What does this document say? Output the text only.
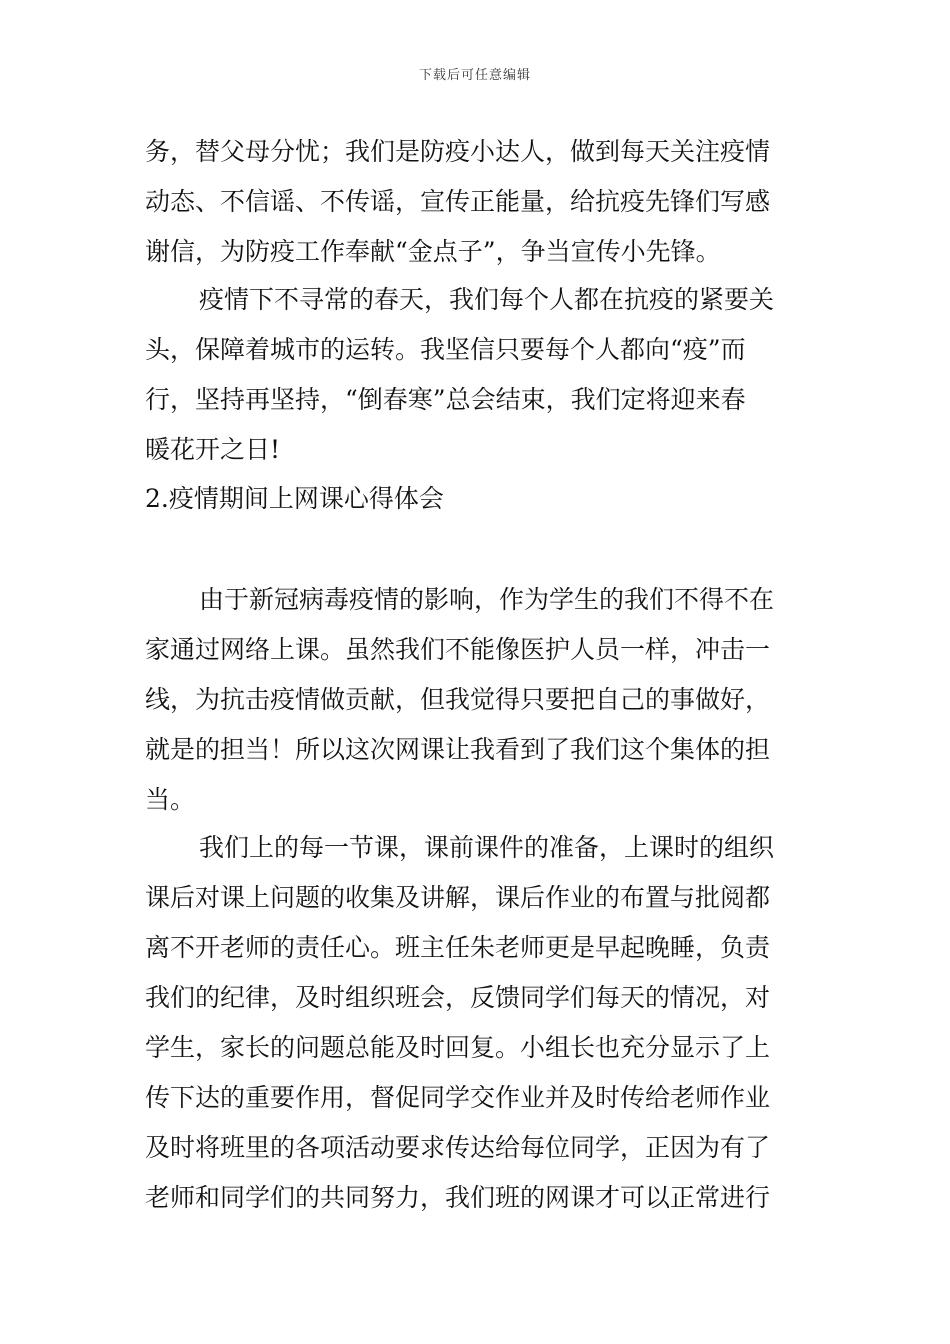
下载后可任意编辑
务，替父母分忧；我们是防疫小达人，做到每天关注疫情
动态、不信谣、不传谣，宣传正能量，给抗疫先锋们写感
谢信，为防疫工作奉献“金点子”，争当宣传小先锋。
疫情下不寻常的春天，我们每个人都在抗疫的紧要关
头，保障着城市的运转。我坚信只要每个人都向“疫”而
行，坚持再坚持，“倒春寒”总会结束，我们定将迎来春
暖花开之日!
2.疫情期间上网课心得体会
由于新冠病毒疫情的影响，作为学生的我们不得不在
家通过网络上课。虽然我们不能像医护人员一样，冲击一
线，为抗击疫情做贡献，但我觉得只要把自己的事做好，
就是的担当！所以这次网课让我看到了我们这个集体的担
当。
我们上的每一节课，课前课件的准备，上课时的组织
课后对课上问题的收集及讲解，课后作业的布置与批阅都
离不开老师的责任心。班主任朱老师更是早起晚睡，负责
我们的纪律，及时组织班会，反馈同学们每天的情况，对
学生，家长的问题总能及时回复。小组长也充分显示了上
传下达的重要作用，督促同学交作业并及时传给老师作业
及时将班里的各项活动要求传达给每位同学，正因为有了
老师和同学们的共同努力，我们班的网课才可以正常进行
